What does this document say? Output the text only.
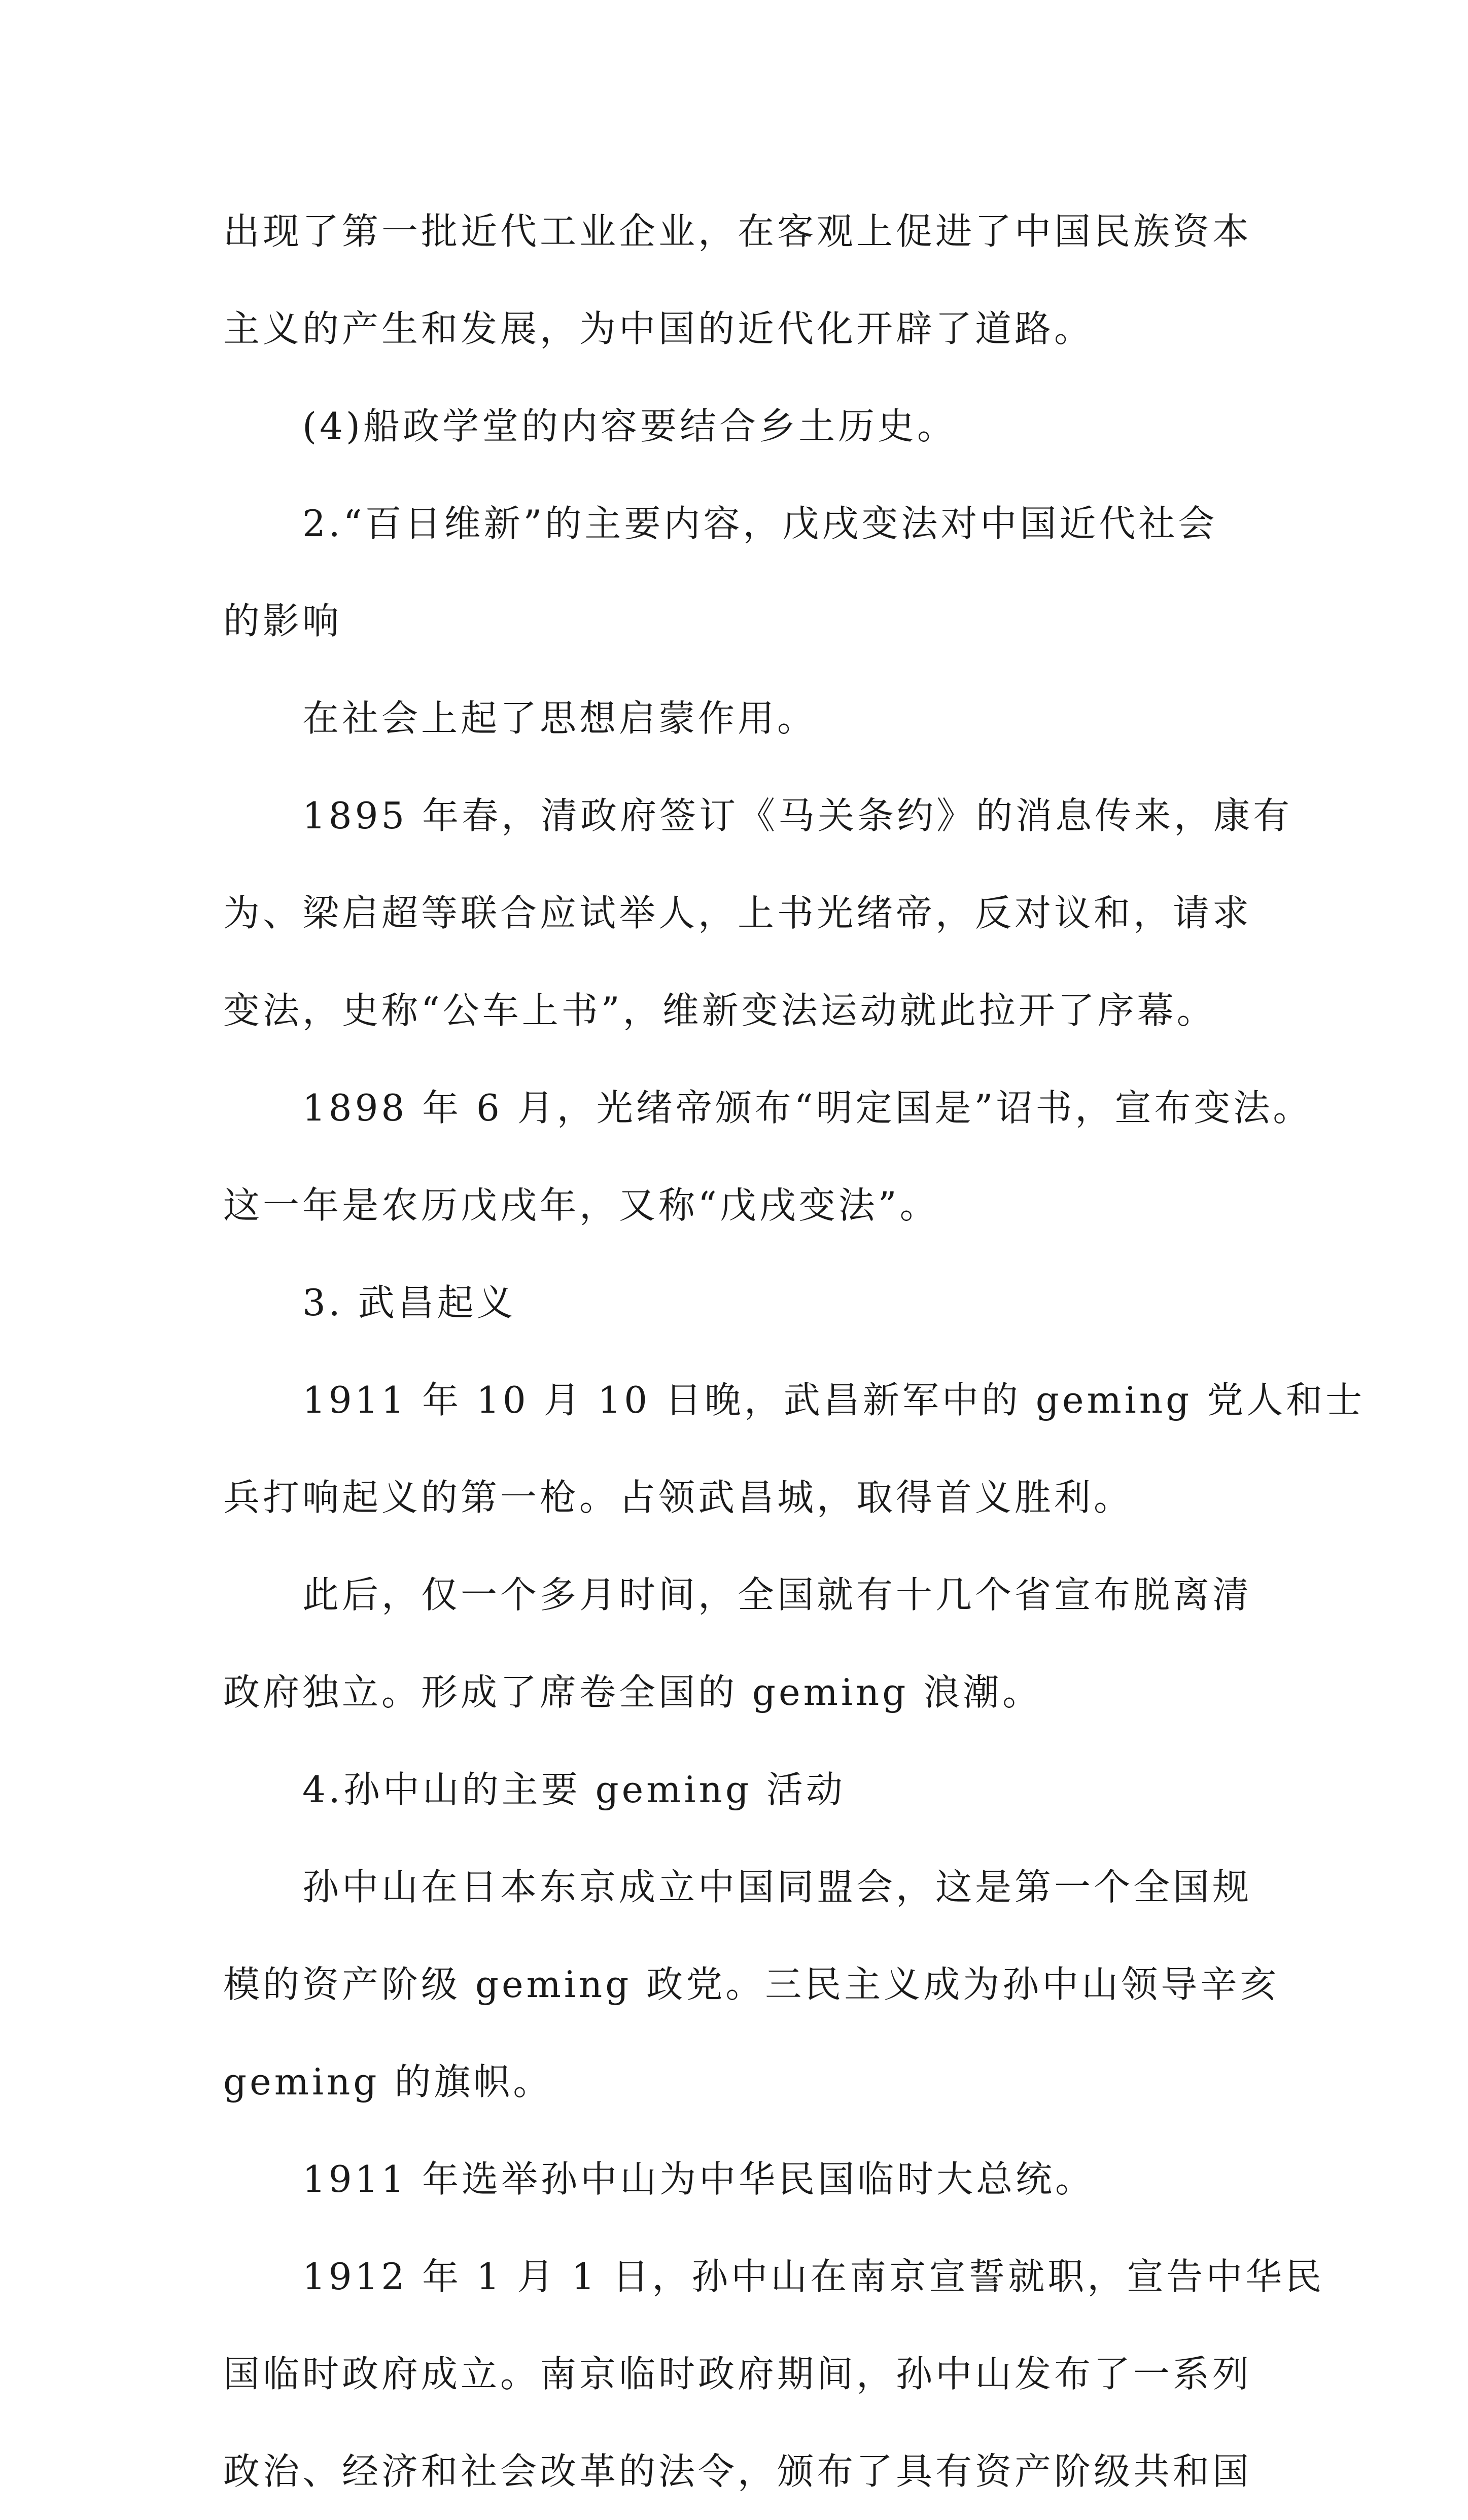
出现了第一批近代工业企业，在客观上促进了中国民族资本
主义的产生和发展，为中国的近代化开辟了道路。
(4)船政学堂的内容要结合乡土历史。
2.“百日维新”的主要内容，戊戌变法对中国近代社会
的影响
在社会上起了思想启蒙作用。
1895 年春，清政府签订《马关条约》的消息传来，康有
为、梁启超等联合应试举人，上书光绪帝，反对议和，请求
变法，史称“公车上书”，维新变法运动就此拉开了序幕。
1898 年 6 月，光绪帝颁布“明定国是”诏书，宣布变法。
这一年是农历戊戌年，又称“戊戌变法”。
3. 武昌起义
1911 年 10 月 10 日晚，武昌新军中的 geming 党人和士
兵打响起义的第一枪。占领武昌城，取得首义胜利。
此后，仅一个多月时间，全国就有十几个省宣布脱离清
政府独立。形成了席卷全国的 geming 浪潮。
4.孙中山的主要 geming 活动
孙中山在日本东京成立中国同盟会，这是第一个全国规
模的资产阶级 geming 政党。三民主义成为孙中山领导辛亥
geming 的旗帜。
1911 年选举孙中山为中华民国临时大总统。
1912 年 1 月 1 日，孙中山在南京宣誓就职，宣告中华民
国临时政府成立。南京临时政府期间，孙中山发布了一系列
政治、经济和社会改革的法令，颁布了具有资产阶级共和国
